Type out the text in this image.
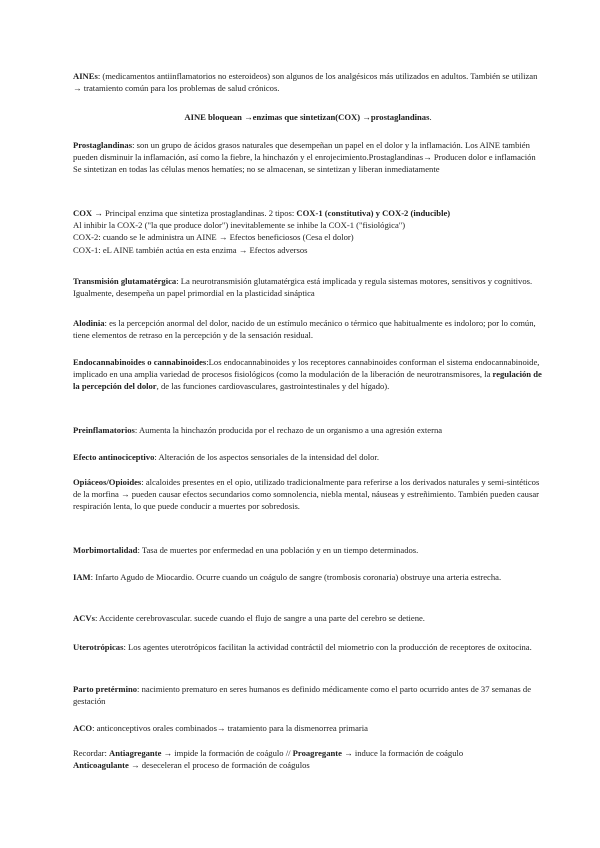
AINEs: (medicamentos antiinflamatorios no esteroideos) son algunos de los analgésicos más utilizados en adultos. También se utilizan → tratamiento común para los problemas de salud crónicos.

AINE bloquean →enzimas que sintetizan(COX) →prostaglandinas.

Prostaglandinas: son un grupo de ácidos grasos naturales que desempeñan un papel en el dolor y la inflamación. Los AINE también pueden disminuir la inflamación, así como la fiebre, la hinchazón y el enrojecimiento.Prostaglandinas→ Producen dolor e inflamación

Se sintetizan en todas las células menos hematíes; no se almacenan, se sintetizan y liberan inmediatamente

COX → Principal enzima que sintetiza prostaglandinas. 2 tipos: COX-1 (constitutiva) y COX-2 (inducible)

Al inhibir la COX-2 ("la que produce dolor") inevitablemente se inhibe la COX-1 ("fisiológica")

COX-2: cuando se le administra un AINE → Efectos beneficiosos (Cesa el dolor)

COX-1: eL AINE también actúa en esta enzima → Efectos adversos

Transmisión glutamatérgica: La neurotransmisión glutamatérgica está implicada y regula sistemas motores, sensitivos y cognitivos. Igualmente, desempeña un papel primordial en la plasticidad sináptica

Alodinia: es la percepción anormal del dolor, nacido de un estímulo mecánico o térmico que habitualmente es indoloro; por lo común, tiene elementos de retraso en la percepción y de la sensación residual.

Endocannabinoides o cannabinoides:Los endocannabinoides y los receptores cannabinoides conforman el sistema endocannabinoide, implicado en una amplia variedad de procesos fisiológicos (como la modulación de la liberación de neurotransmisores, la regulación de la percepción del dolor, de las funciones cardiovasculares, gastrointestinales y del hígado).

Preinflamatorios: Aumenta la hinchazón producida por el rechazo de un organismo a una agresión externa

Efecto antinociceptivo: Alteración de los aspectos sensoriales de la intensidad del dolor.

Opiáceos/Opioides: alcaloides presentes en el opio, utilizado tradicionalmente para referirse a los derivados naturales y semi-sintéticos de la morfina → pueden causar efectos secundarios como somnolencia, niebla mental, náuseas y estreñimiento. También pueden causar respiración lenta, lo que puede conducir a muertes por sobredosis.

Morbimortalidad: Tasa de muertes por enfermedad en una población y en un tiempo determinados.

IAM: Infarto Agudo de Miocardio. Ocurre cuando un coágulo de sangre (trombosis coronaria) obstruye una arteria estrecha.

ACVs: Accidente cerebrovascular. sucede cuando el flujo de sangre a una parte del cerebro se detiene.

Uterotrópicas: Los agentes uterotrópicos facilitan la actividad contráctil del miometrio con la producción de receptores de oxitocina.

Parto pretérmino: nacimiento prematuro en seres humanos es definido médicamente como el parto ocurrido antes de 37 semanas de gestación

ACO: anticonceptivos orales combinados→ tratamiento para la dismenorrea primaria

Recordar: Antiagregante → impide la formación de coágulo // Proagregante → induce la formación de coágulo

Anticoagulante → deseceleran el proceso de formación de coágulos
